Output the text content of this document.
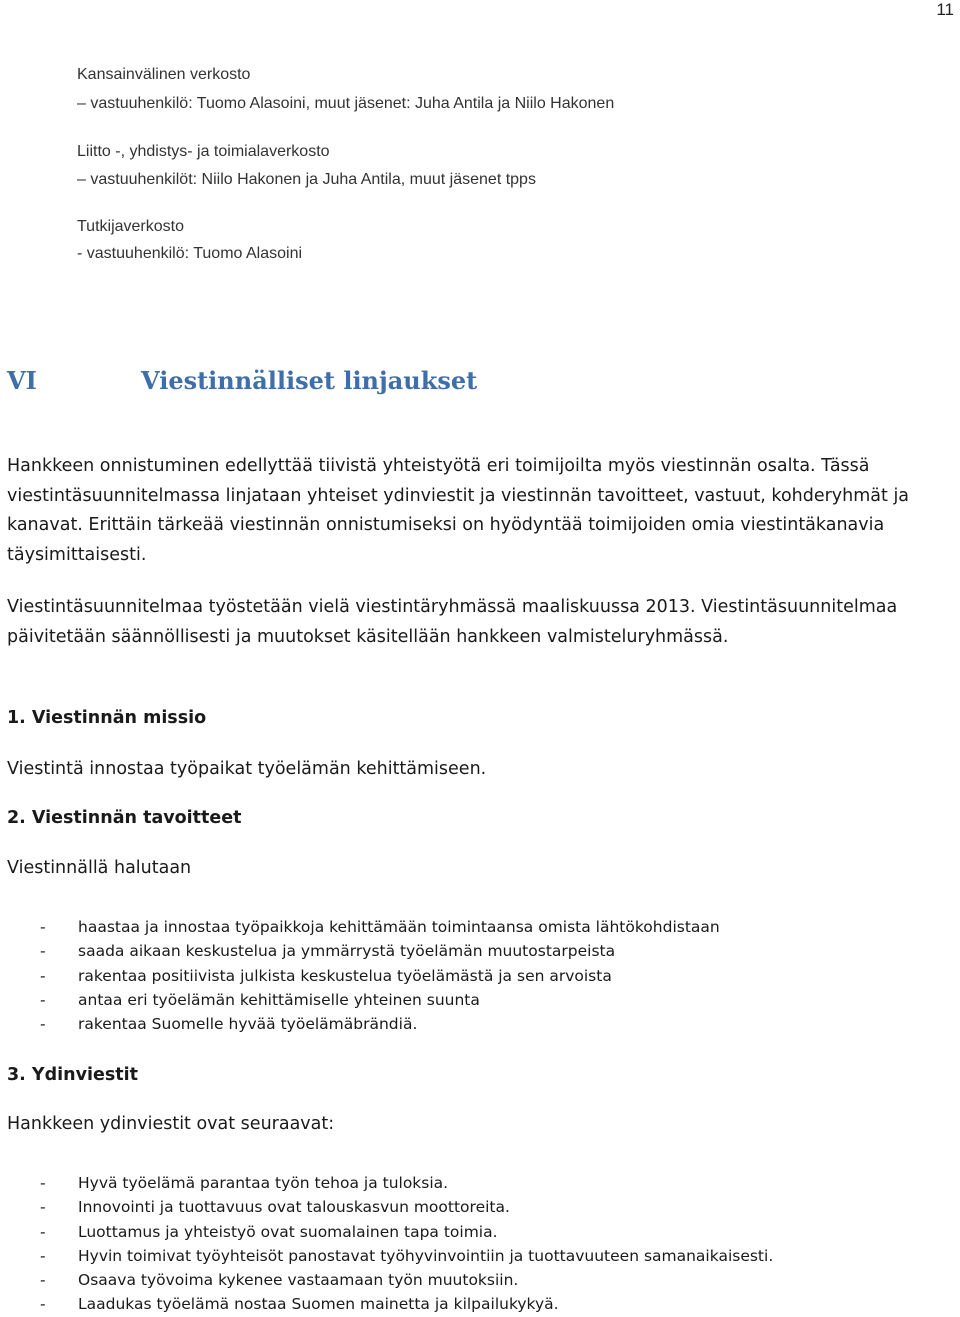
11
Kansainvälinen verkosto
– vastuuhenkilö: Tuomo Alasoini, muut jäsenet: Juha Antila ja Niilo Hakonen
Liitto -, yhdistys- ja toimialaverkosto
– vastuuhenkilöt: Niilo Hakonen ja Juha Antila, muut jäsenet tpps
Tutkijaverkosto
- vastuuhenkilö: Tuomo Alasoini
VI	Viestinnälliset linjaukset

Hankkeen onnistuminen edellyttää tiivistä yhteistyötä eri toimijoilta myös viestinnän osalta. Tässä viestintäsuunnitelmassa linjataan yhteiset ydinviestit ja viestinnän tavoitteet, vastuut, kohderyhmät ja kanavat. Erittäin tärkeää viestinnän onnistumiseksi on hyödyntää toimijoiden omia viestintäkanavia täysimittaisesti.

Viestintäsuunnitelmaa työstetään vielä viestintäryhmässä maaliskuussa 2013. Viestintäsuunnitelmaa päivitetään säännöllisesti ja muutokset käsitellään hankkeen valmisteluryhmässä.

1. Viestinnän missio
Viestintä innostaa työpaikat työelämän kehittämiseen.
2. Viestinnän tavoitteet
Viestinnällä halutaan
- haastaa ja innostaa työpaikkoja kehittämään toimintaansa omista lähtökohdistaan
- saada aikaan keskustelua ja ymmärrystä työelämän muutostarpeista
- rakentaa positiivista julkista keskustelua työelämästä ja sen arvoista
- antaa eri työelämän kehittämiselle yhteinen suunta
- rakentaa Suomelle hyvää työelämäbrändiä.
3. Ydinviestit
Hankkeen ydinviestit ovat seuraavat:
- Hyvä työelämä parantaa työn tehoa ja tuloksia.
- Innovointi ja tuottavuus ovat talouskasvun moottoreita.
- Luottamus ja yhteistyö ovat suomalainen tapa toimia.
- Hyvin toimivat työyhteisöt panostavat työhyvinvointiin ja tuottavuuteen samanaikaisesti.
- Osaava työvoima kykenee vastaamaan työn muutoksiin.
- Laadukas työelämä nostaa Suomen mainetta ja kilpailukykyä.
